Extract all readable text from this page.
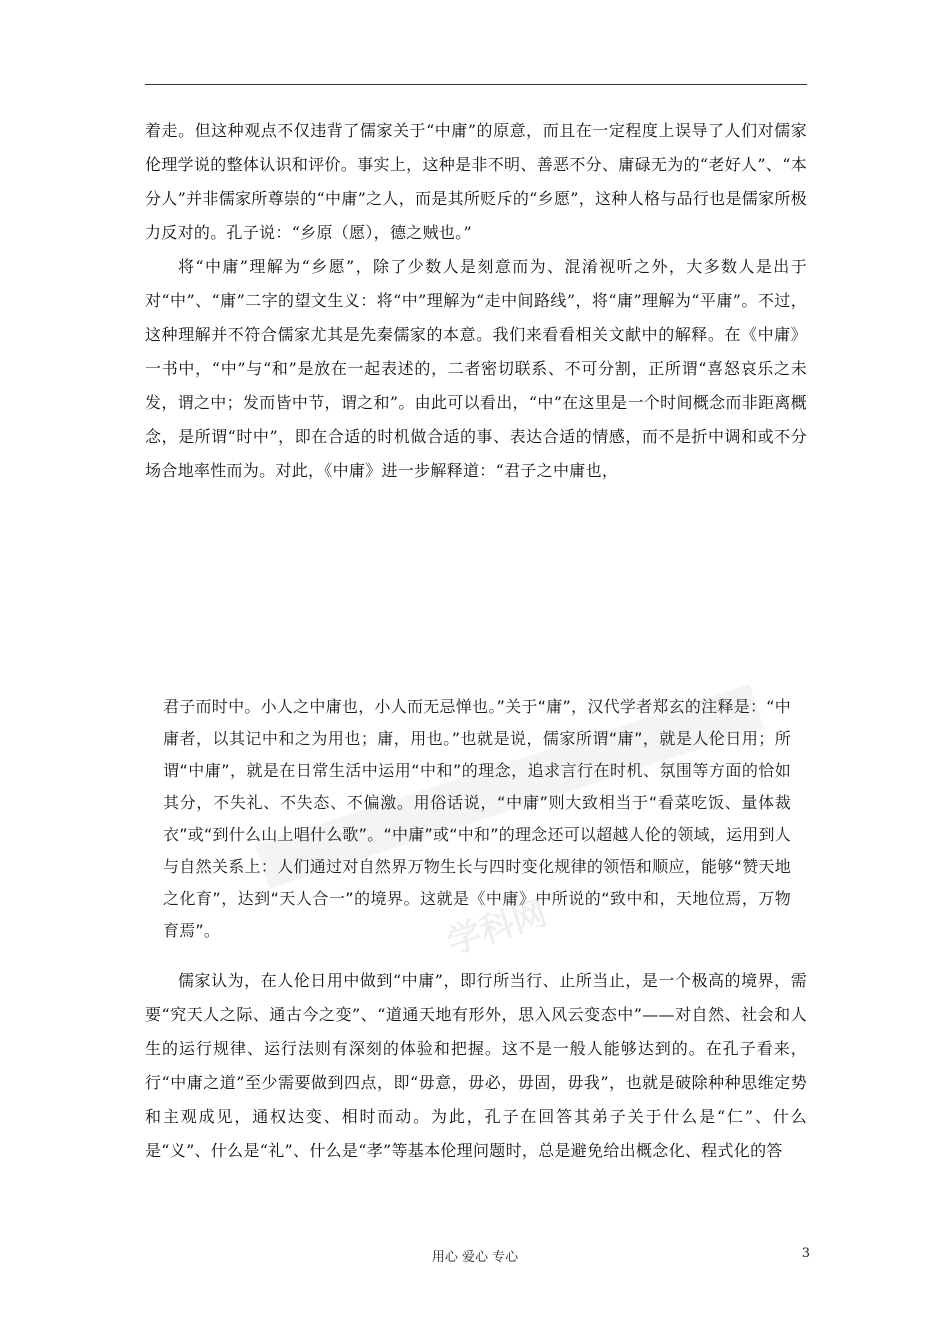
着走。但这种观点不仅违背了儒家关于“中庸”的原意，而且在一定程度上误导了人们对儒家伦理学说的整体认识和评价。事实上，这种是非不明、善恶不分、庸碌无为的“老好人”、“本分人”并非儒家所尊崇的“中庸”之人，而是其所贬斥的“乡愿”，这种人格与品行也是儒家所极力反对的。孔子说：“乡原（愿），德之贼也。”

将“中庸”理解为“乡愿”，除了少数人是刻意而为、混淆视听之外，大多数人是出于对“中”、“庸”二字的望文生义：将“中”理解为“走中间路线”，将“庸”理解为“平庸”。不过，这种理解并不符合儒家尤其是先秦儒家的本意。我们来看看相关文献中的解释。在《中庸》一书中，“中”与“和”是放在一起表述的，二者密切联系、不可分割，正所谓“喜怒哀乐之未发，谓之中；发而皆中节，谓之和”。由此可以看出，“中”在这里是一个时间概念而非距离概念，是所谓“时中”，即在合适的时机做合适的事、表达合适的情感，而不是折中调和或不分场合地率性而为。对此，《中庸》进一步解释道：“君子之中庸也，

学科网

君子而时中。小人之中庸也，小人而无忌惮也。”关于“庸”，汉代学者郑玄的注释是：“中庸者，以其记中和之为用也；庸，用也。”也就是说，儒家所谓“庸”，就是人伦日用；所谓“中庸”，就是在日常生活中运用“中和”的理念，追求言行在时机、氛围等方面的恰如其分，不失礼、不失态、不偏激。用俗话说，“中庸”则大致相当于“看菜吃饭、量体裁衣”或“到什么山上唱什么歌”。“中庸”或“中和”的理念还可以超越人伦的领域，运用到人与自然关系上：人们通过对自然界万物生长与四时变化规律的领悟和顺应，能够“赞天地之化育”，达到“天人合一”的境界。这就是《中庸》中所说的“致中和，天地位焉，万物育焉”。

儒家认为，在人伦日用中做到“中庸”，即行所当行、止所当止，是一个极高的境界，需要“究天人之际、通古今之变”、“道通天地有形外，思入风云变态中”——对自然、社会和人生的运行规律、运行法则有深刻的体验和把握。这不是一般人能够达到的。在孔子看来，行“中庸之道”至少需要做到四点，即“毋意，毋必，毋固，毋我”，也就是破除种种思维定势和主观成见，通权达变、相时而动。为此，孔子在回答其弟子关于什么是“仁”、什么是“义”、什么是“礼”、什么是“孝”等基本伦理问题时，总是避免给出概念化、程式化的答

用心 爱心 专心	3
